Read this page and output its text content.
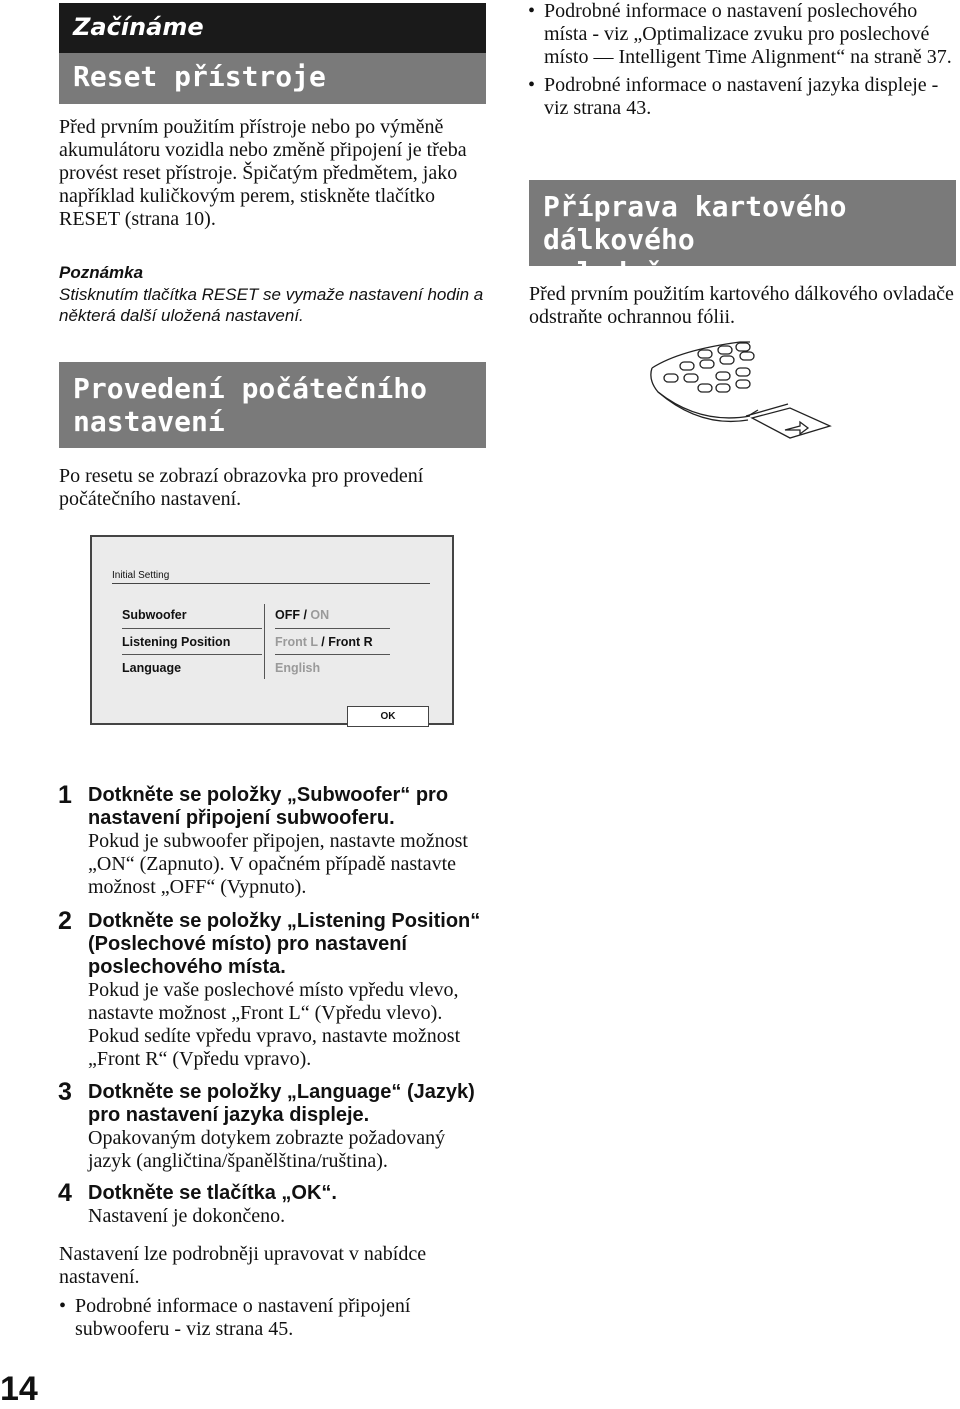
Začínáme
Reset přístroje
Před prvním použitím přístroje nebo po výměně akumulátoru vozidla nebo změně připojení je třeba provést reset přístroje. Špičatým předmětem, jako například kuličkovým perem, stiskněte tlačítko RESET (strana 10).
Poznámka
Stisknutím tlačítka RESET se vymaže nastavení hodin a některá další uložená nastavení.
Provedení počátečního
nastavení
Po resetu se zobrazí obrazovka pro provedení počátečního nastavení.
Initial Setting
Subwoofer	OFF / ON
Listening Position	Front L / Front R
Language	English
OK
1 Dotkněte se položky „Subwoofer“ pro nastavení připojení subwooferu.
Pokud je subwoofer připojen, nastavte možnost „ON“ (Zapnuto). V opačném případě nastavte možnost „OFF“ (Vypnuto).
2 Dotkněte se položky „Listening Position“ (Poslechové místo) pro nastavení poslechového místa.
Pokud je vaše poslechové místo vpředu vlevo, nastavte možnost „Front L“ (Vpředu vlevo). Pokud sedíte vpředu vpravo, nastavte možnost „Front R“ (Vpředu vpravo).
3 Dotkněte se položky „Language“ (Jazyk) pro nastavení jazyka displeje.
Opakovaným dotykem zobrazte požadovaný jazyk (angličtina/španělština/ruština).
4 Dotkněte se tlačítka „OK“.
Nastavení je dokončeno.
Nastavení lze podrobněji upravovat v nabídce nastavení.
• Podrobné informace o nastavení připojení subwooferu - viz strana 45.
14
• Podrobné informace o nastavení poslechového místa - viz „Optimalizace zvuku pro poslechové místo — Intelligent Time Alignment“ na straně 37.
• Podrobné informace o nastavení jazyka displeje - viz strana 43.
Příprava kartového dálkového
ovladače
Před prvním použitím kartového dálkového ovladače odstraňte ochrannou fólii.
